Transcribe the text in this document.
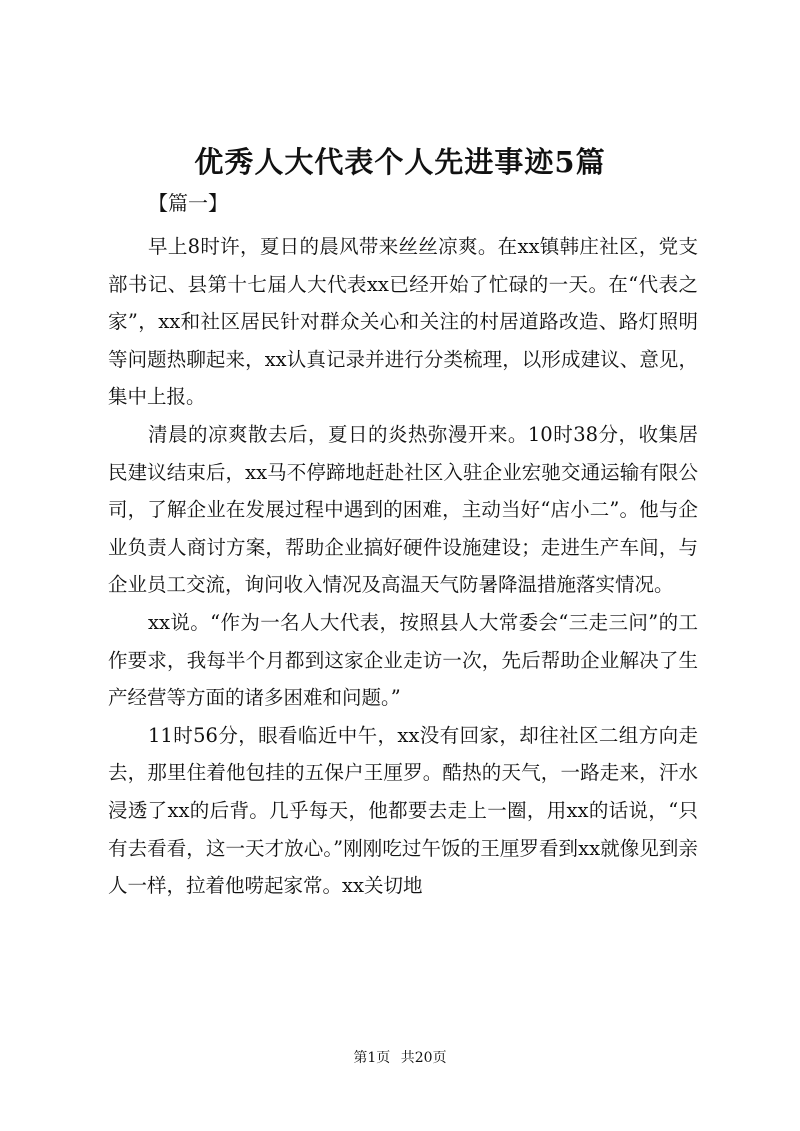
优秀人大代表个人先进事迹5篇
【篇一】

早上8时许，夏日的晨风带来丝丝凉爽。在xx镇韩庄社区，党支部书记、县第十七届人大代表xx已经开始了忙碌的一天。在“代表之家”，xx和社区居民针对群众关心和关注的村居道路改造、路灯照明等问题热聊起来，xx认真记录并进行分类梳理，以形成建议、意见，集中上报。

清晨的凉爽散去后，夏日的炎热弥漫开来。10时38分，收集居民建议结束后，xx马不停蹄地赶赴社区入驻企业宏驰交通运输有限公司，了解企业在发展过程中遇到的困难，主动当好“店小二”。他与企业负责人商讨方案，帮助企业搞好硬件设施建设；走进生产车间，与企业员工交流，询问收入情况及高温天气防暑降温措施落实情况。

xx说。“作为一名人大代表，按照县人大常委会“三走三问”的工作要求，我每半个月都到这家企业走访一次，先后帮助企业解决了生产经营等方面的诸多困难和问题。”

11时56分，眼看临近中午，xx没有回家，却往社区二组方向走去，那里住着他包挂的五保户王厘罗。酷热的天气，一路走来，汗水浸透了xx的后背。几乎每天，他都要去走上一圈，用xx的话说，“只有去看看，这一天才放心。”刚刚吃过午饭的王厘罗看到xx就像见到亲人一样，拉着他唠起家常。xx关切地

第1页 共20页
